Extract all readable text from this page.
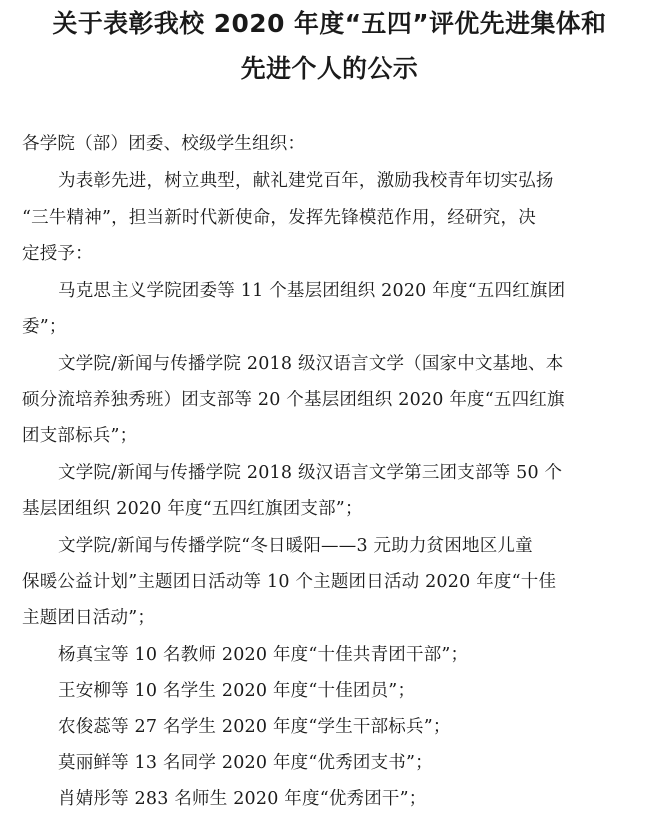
关于表彰我校 2020 年度“五四”评优先进集体和
先进个人的公示
各学院（部）团委、校级学生组织：
为表彰先进，树立典型，献礼建党百年，激励我校青年切实弘扬
“三牛精神”，担当新时代新使命，发挥先锋模范作用，经研究，决
定授予：
马克思主义学院团委等 11 个基层团组织 2020 年度“五四红旗团
委”；
文学院/新闻与传播学院 2018 级汉语言文学（国家中文基地、本
硕分流培养独秀班）团支部等 20 个基层团组织 2020 年度“五四红旗
团支部标兵”；
文学院/新闻与传播学院 2018 级汉语言文学第三团支部等 50 个
基层团组织 2020 年度“五四红旗团支部”；
文学院/新闻与传播学院“冬日暖阳——3 元助力贫困地区儿童
保暖公益计划”主题团日活动等 10 个主题团日活动 2020 年度“十佳
主题团日活动”；
杨真宝等 10 名教师 2020 年度“十佳共青团干部”；
王安柳等 10 名学生 2020 年度“十佳团员”；
农俊蕊等 27 名学生 2020 年度“学生干部标兵”；
莫丽鲜等 13 名同学 2020 年度“优秀团支书”；
肖婧彤等 283 名师生 2020 年度“优秀团干”；
